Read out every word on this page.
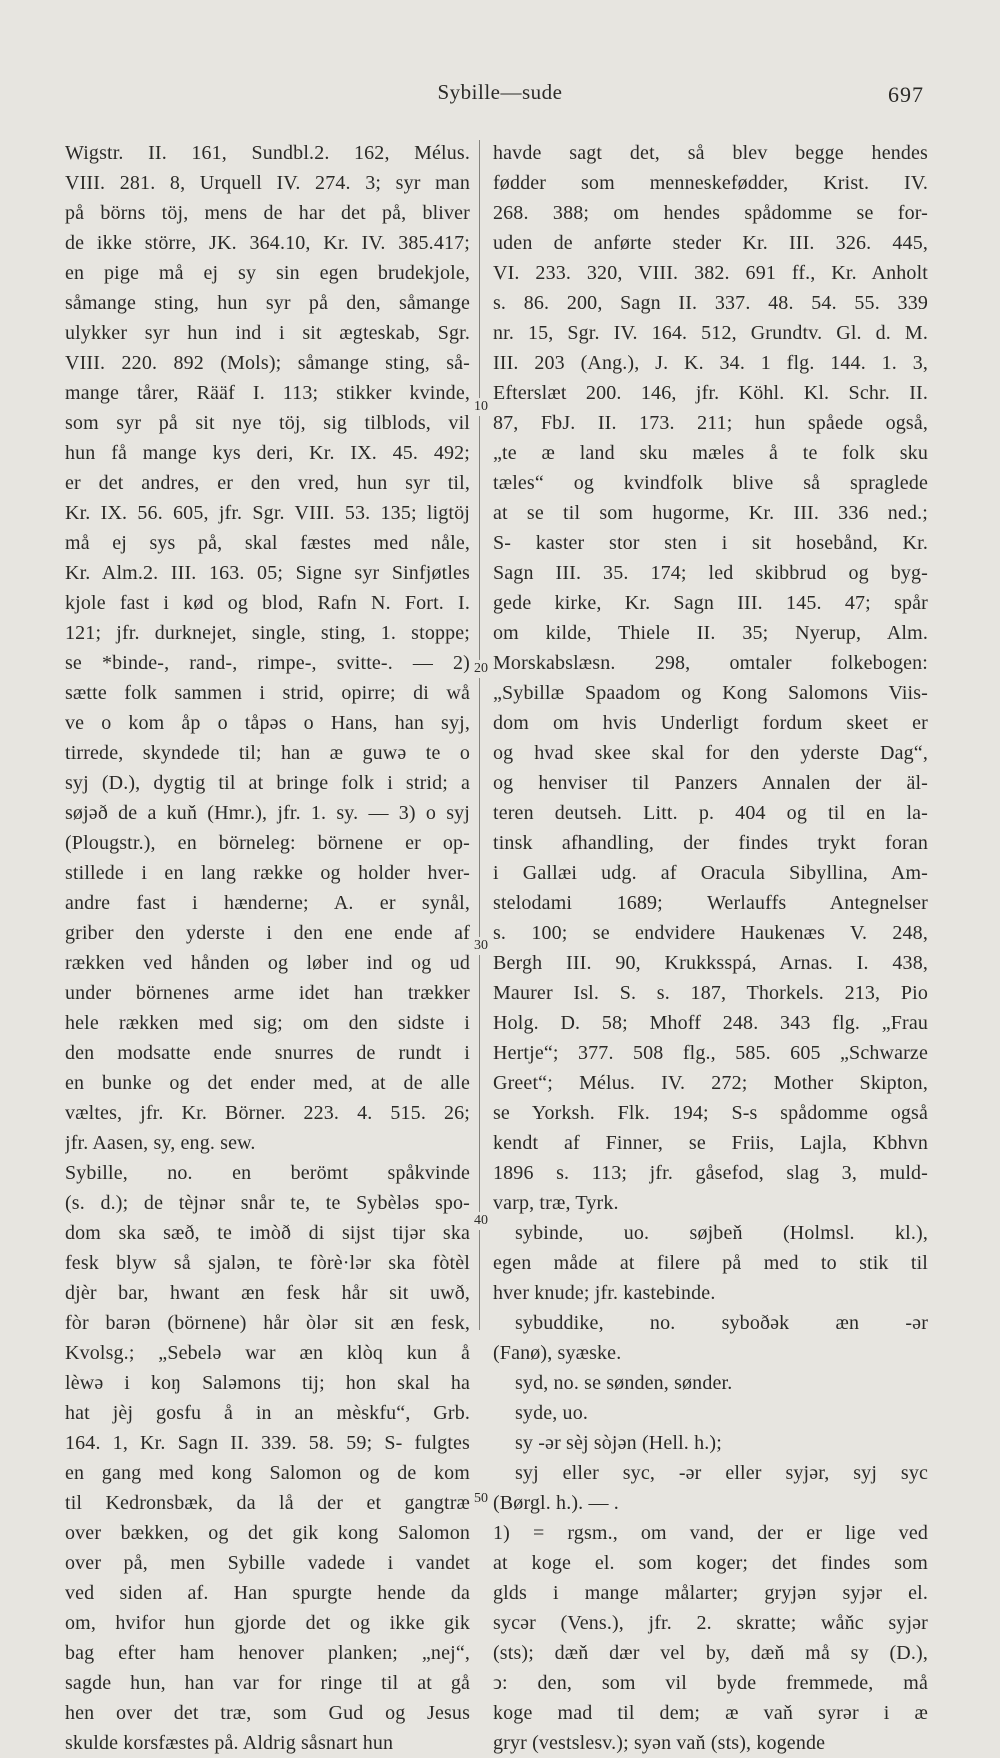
Sybille—sude	697
Wigstr. II. 161, Sundbl.2. 162, Mélus.
VIII. 281. 8, Urquell IV. 274. 3; syr man
på börns töj, mens de har det på, bliver
de ikke större, JK. 364.10, Kr. IV. 385.417;
en pige må ej sy sin egen brudekjole,
såmange sting, hun syr på den, såmange
ulykker syr hun ind i sit ægteskab, Sgr.
VIII. 220. 892 (Mols); såmange sting, så-
mange tårer, Rääf I. 113; stikker kvinde,
som syr på sit nye töj, sig tilblods, vil
hun få mange kys deri, Kr. IX. 45. 492;
er det andres, er den vred, hun syr til,
Kr. IX. 56. 605, jfr. Sgr. VIII. 53. 135; ligtöj
må ej sys på, skal fæstes med nåle,
Kr. Alm.2. III. 163. 05; Signe syr Sinfjøtles
kjole fast i kød og blod, Rafn N. Fort. I.
121; jfr. durknejet, single, sting, 1. stoppe;
se *binde-, rand-, rimpe-, svitte-. — 2)
sætte folk sammen i strid, opirre; di wå
ve o kom åp o tåpəs o Hans, han syj,
tirrede, skyndede til; han æ guwə te o
syj (D.), dygtig til at bringe folk i strid; a
søjəð de a kuň (Hmr.), jfr. 1. sy. — 3) o syj
(Plougstr.), en börneleg: börnene er op-
stillede i en lang række og holder hver-
andre fast i hænderne; A. er synål,
griber den yderste i den ene ende af
rækken ved hånden og løber ind og ud
under börnenes arme idet han trækker
hele rækken med sig; om den sidste i
den modsatte ende snurres de rundt i
en bunke og det ender med, at de alle
væltes, jfr. Kr. Börner. 223. 4. 515. 26;
jfr. Aasen, sy, eng. sew.
Sybille, no. en berömt spåkvinde
(s. d.); de tèjnər snår te, te Sybèləs spo-
dom ska sæð, te imòð di sijst tijər ska
fesk blyw så sjalən, te fòrè·lər ska fòtèl
djèr bar, hwant æn fesk hår sit uwð,
fòr barən (börnene) hår òlər sit æn fesk,
Kvolsg.; „Sebelə war æn klòq kun å
lèwə i koŋ Saləmons tij; hon skal ha
hat jèj gosfu å in an mèskfu“, Grb.
164. 1, Kr. Sagn II. 339. 58. 59; S- fulgtes
en gang med kong Salomon og de kom
til Kedronsbæk, da lå der et gangtræ
over bækken, og det gik kong Salomon
over på, men Sybille vadede i vandet
ved siden af. Han spurgte hende da
om, hvifor hun gjorde det og ikke gik
bag efter ham henover planken; „nej“,
sagde hun, han var for ringe til at gå
hen over det træ, som Gud og Jesus
skulde korsfæstes på. Aldrig såsnart hun
havde sagt det, så blev begge hendes
fødder som menneskefødder, Krist. IV.
268. 388; om hendes spådomme se for-
uden de anførte steder Kr. III. 326. 445,
VI. 233. 320, VIII. 382. 691 ff., Kr. Anholt
s. 86. 200, Sagn II. 337. 48. 54. 55. 339
nr. 15, Sgr. IV. 164. 512, Grundtv. Gl. d. M.
III. 203 (Ang.), J. K. 34. 1 flg. 144. 1. 3,
Efterslæt 200. 146, jfr. Köhl. Kl. Schr. II.
87, FbJ. II. 173. 211; hun spåede også,
„te æ land sku mæles å te folk sku
tæles“ og kvindfolk blive så spraglede
at se til som hugorme, Kr. III. 336 ned.;
S- kaster stor sten i sit hosebånd, Kr.
Sagn III. 35. 174; led skibbrud og byg-
gede kirke, Kr. Sagn III. 145. 47; spår
om kilde, Thiele II. 35; Nyerup, Alm.
Morskabslæsn. 298, omtaler folkebogen:
„Sybillæ Spaadom og Kong Salomons Viis-
dom om hvis Underligt fordum skeet er
og hvad skee skal for den yderste Dag“,
og henviser til Panzers Annalen der äl-
teren deutseh. Litt. p. 404 og til en la-
tinsk afhandling, der findes trykt foran
i Gallæi udg. af Oracula Sibyllina, Am-
stelodami 1689; Werlauffs Antegnelser
s. 100; se endvidere Haukenæs V. 248,
Bergh III. 90, Krukksspá, Arnas. I. 438,
Maurer Isl. S. s. 187, Thorkels. 213, Pio
Holg. D. 58; Mhoff 248. 343 flg. „Frau
Hertje“; 377. 508 flg., 585. 605 „Schwarze
Greet“; Mélus. IV. 272; Mother Skipton,
se Yorksh. Flk. 194; S-s spådomme også
kendt af Finner, se Friis, Lajla, Kbhvn
1896 s. 113; jfr. gåsefod, slag 3, muld-
varp, træ, Tyrk.
sybinde, uo. søjbeň (Holmsl. kl.),
egen måde at filere på med to stik til
hver knude; jfr. kastebinde.
sybuddike, no. syboðək æn -ər
(Fanø), syæske.
syd, no. se sønden, sønder.
syde, uo.
sy -ər sèj sòjən (Hell. h.);
syj eller syc, -ər eller syjər, syj syc
(Børgl. h.). — .
1) = rgsm., om vand, der er lige ved
at koge el. som koger; det findes som
glds i mange målarter; gryjən syjər el.
sycər (Vens.), jfr. 2. skratte; wåňc syjər
(sts); dæň dær vel by, dæň må sy (D.),
ↄ: den, som vil byde fremmede, må
koge mad til dem; æ vaň syrər i æ
gryr (vestslesv.); syən vaň (sts), kogende
10
20
30
40
50
